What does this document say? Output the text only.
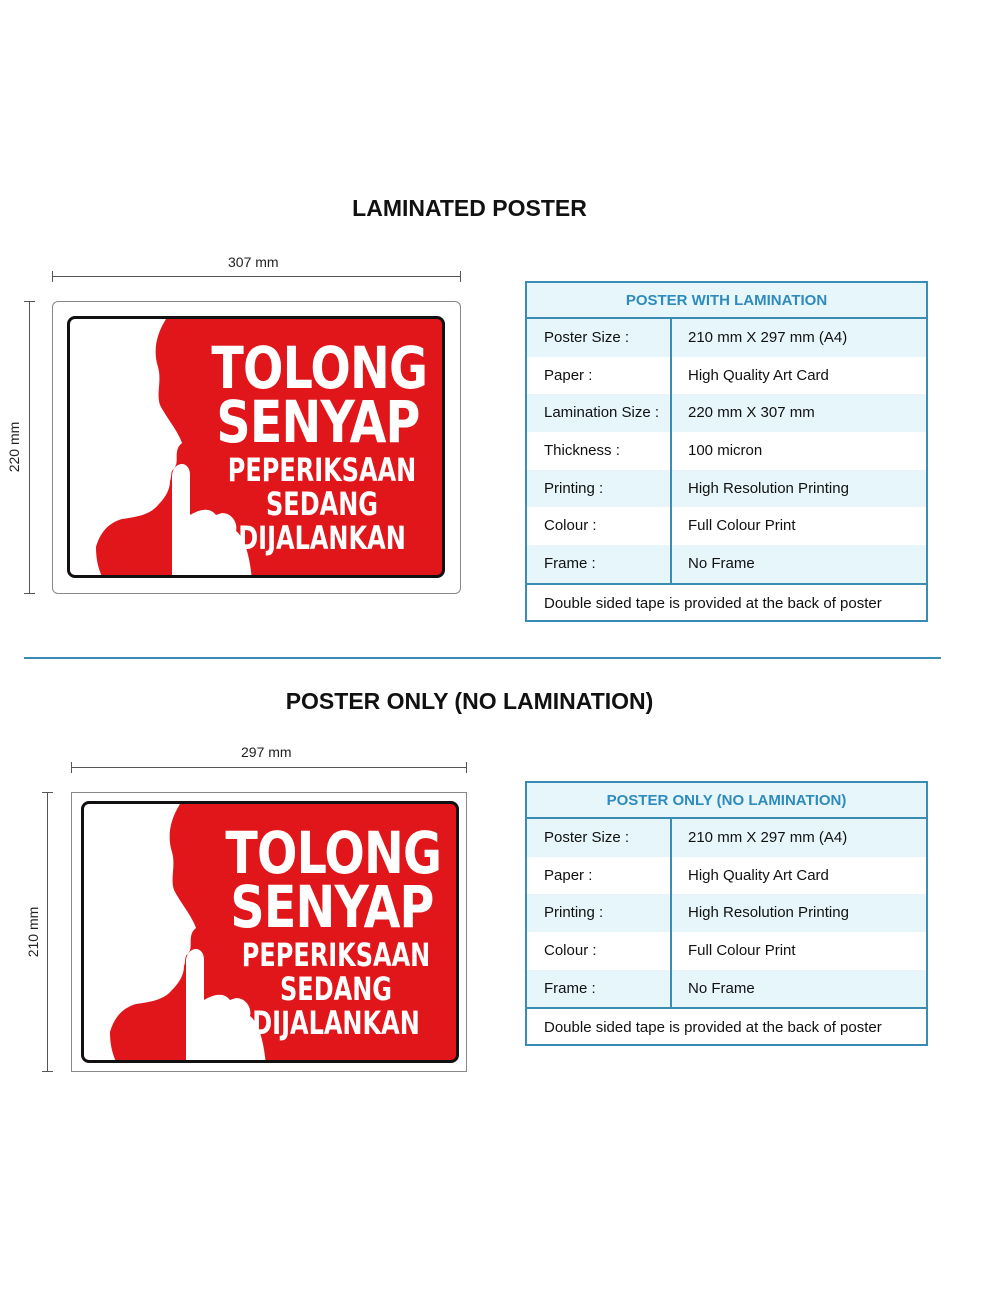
LAMINATED POSTER
307 mm
220 mm
TOLONG
SENYAP
PEPERIKSAAN
SEDANG
DIJALANKAN
POSTER WITH LAMINATION
Poster Size :	210 mm X 297 mm (A4)
Paper :	High Quality Art Card
Lamination Size :	220 mm X 307 mm
Thickness :	100 micron
Printing :	High Resolution Printing
Colour :	Full Colour Print
Frame :	No Frame
Double sided tape is provided at the back of poster
POSTER ONLY (NO LAMINATION)
297 mm
210 mm
TOLONG
SENYAP
PEPERIKSAAN
SEDANG
DIJALANKAN
POSTER ONLY (NO LAMINATION)
Poster Size :	210 mm X 297 mm (A4)
Paper :	High Quality Art Card
Printing :	High Resolution Printing
Colour :	Full Colour Print
Frame :	No Frame
Double sided tape is provided at the back of poster
